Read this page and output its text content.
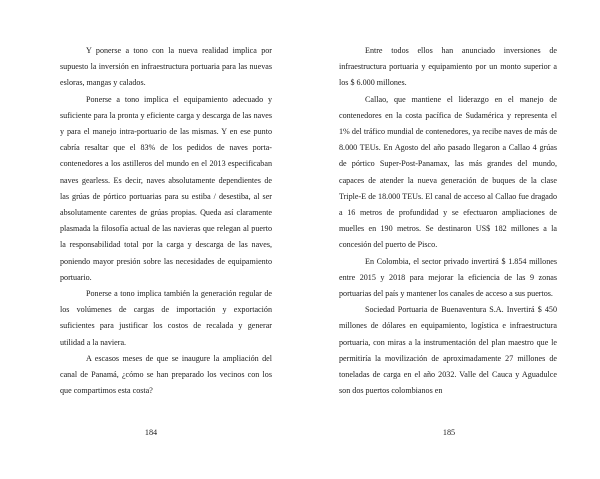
Y ponerse a tono con la nueva realidad implica por supuesto la inversión en infraestructura portuaria para las nuevas esloras, mangas y calados.

Ponerse a tono implica el equipamiento adecuado y suficiente para la pronta y eficiente carga y descarga de las naves y para el manejo intra-portuario de las mismas. Y en ese punto cabría resaltar que el 83% de los pedidos de naves porta-contenedores a los astilleros del mundo en el 2013 especificaban naves gearless. Es decir, naves absolutamente dependientes de las grúas de pórtico portuarias para su estiba / desestiba, al ser absolutamente carentes de grúas propias. Queda así claramente plasmada la filosofía actual de las navieras que relegan al puerto la responsabilidad total por la carga y descarga de las naves, poniendo mayor presión sobre las necesidades de equipamiento portuario.

Ponerse a tono implica también la generación regular de los volúmenes de cargas de importación y exportación suficientes para justificar los costos de recalada y generar utilidad a la naviera.

A escasos meses de que se inaugure la ampliación del canal de Panamá, ¿cómo se han preparado los vecinos con los que compartimos esta costa?

184

Entre todos ellos han anunciado inversiones de infraestructura portuaria y equipamiento por un monto superior a los $ 6.000 millones.

Callao, que mantiene el liderazgo en el manejo de contenedores en la costa pacífica de Sudamérica y representa el 1% del tráfico mundial de contenedores, ya recibe naves de más de 8.000 TEUs. En Agosto del año pasado llegaron a Callao 4 grúas de pórtico Super-Post-Panamax, las más grandes del mundo, capaces de atender la nueva generación de buques de la clase Triple-E de 18.000 TEUs. El canal de acceso al Callao fue dragado a 16 metros de profundidad y se efectuaron ampliaciones de muelles en 190 metros. Se destinaron US$ 182 millones a la concesión del puerto de Pisco.

En Colombia, el sector privado invertirá $ 1.854 millones entre 2015 y 2018 para mejorar la eficiencia de las 9 zonas portuarias del país y mantener los canales de acceso a sus puertos.

Sociedad Portuaria de Buenaventura S.A. Invertirá $ 450 millones de dólares en equipamiento, logística e infraestructura portuaria, con miras a la instrumentación del plan maestro que le permitiría la movilización de aproximadamente 27 millones de toneladas de carga en el año 2032. Valle del Cauca y Aguadulce son dos puertos colombianos en

185
